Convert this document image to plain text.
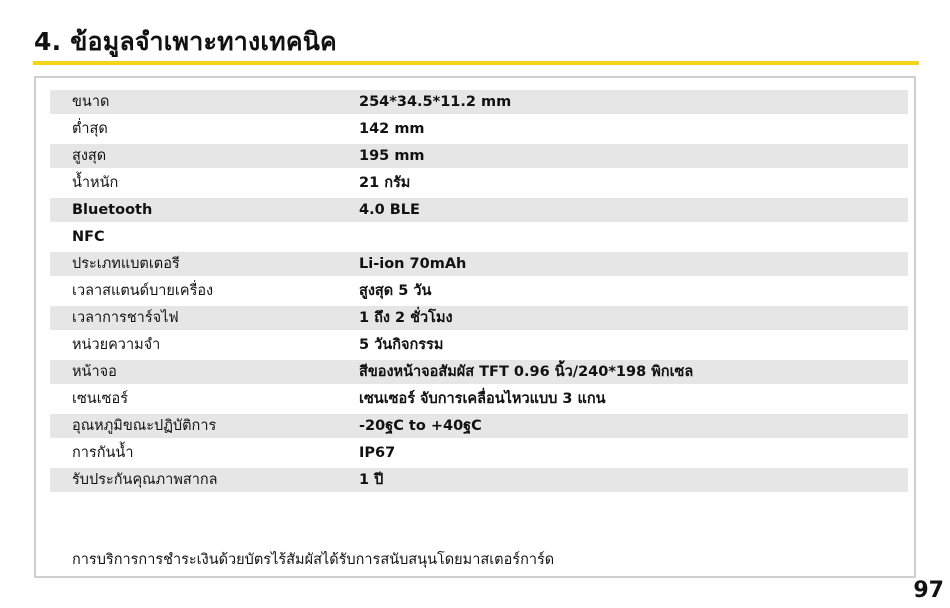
4. ข้อมูลจำเพาะทางเทคนิค
ขนาด	254*34.5*11.2 mm
ต่ำสุด	142 mm
สูงสุด	195 mm
น้ำหนัก	21 กรัม
Bluetooth	4.0 BLE
NFC
ประเภทแบตเตอรี	Li-ion 70mAh
เวลาสแตนด์บายเครื่อง	สูงสุด 5 วัน
เวลาการชาร์จไฟ	1 ถึง 2 ชั่วโมง
หน่วยความจำ	5 วันกิจกรรม
หน้าจอ	สีของหน้าจอสัมผัส TFT 0.96 นิ้ว/240*198 พิกเซล
เซนเซอร์	เซนเซอร์ จับการเคลื่อนไหวแบบ 3 แกน
อุณหภูมิขณะปฏิบัติการ	-20ฐC to +40ฐC
การกันน้ำ	IP67
รับประกันคุณภาพสากล	1 ปี
การบริการการชำระเงินด้วยบัตรไร้สัมผัสได้รับการสนับสนุนโดยมาสเตอร์การ์ด
97
